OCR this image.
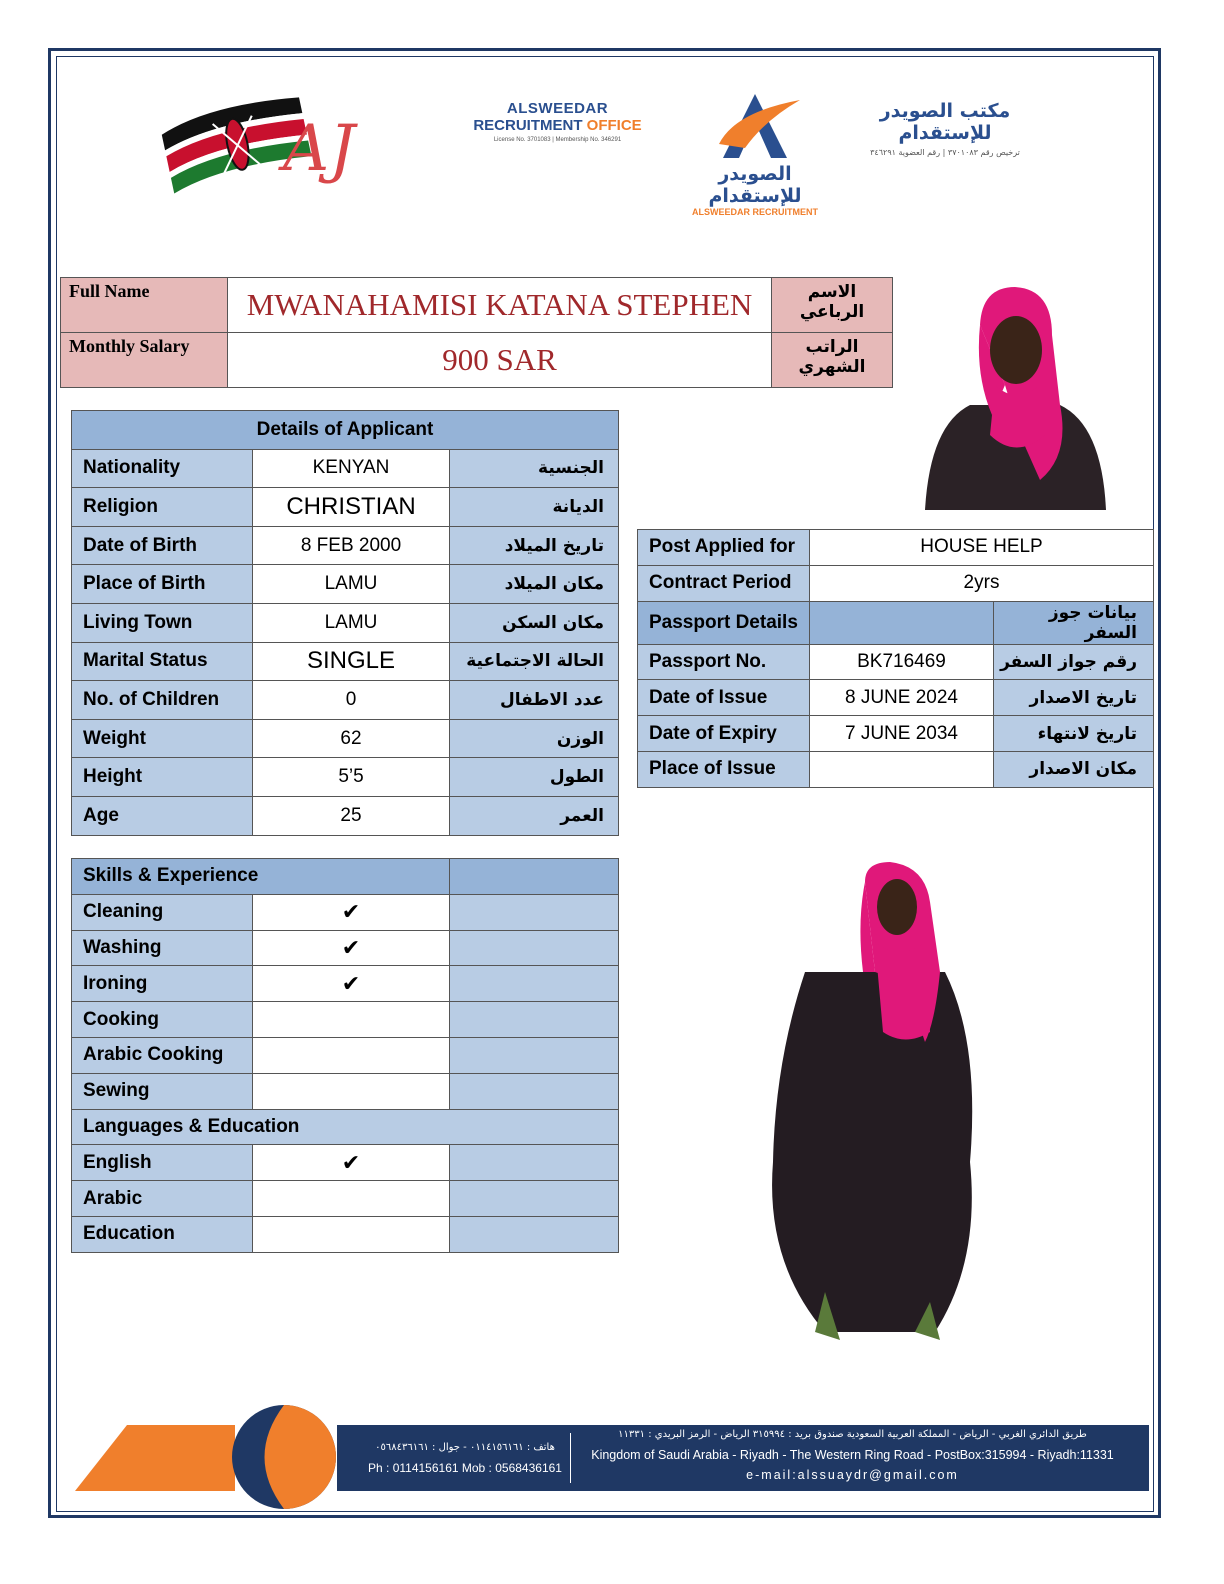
AJ
ALSWEEDAR
RECRUITMENT OFFICE
License No. 3701083 | Membership No. 346291
الصويدر للإستقدام
ALSWEEDAR RECRUITMENT
مكتب الصويدر للإستقدام
ترخيص رقم ٣٧٠١٠٨٣ | رقم العضوية ٣٤٦٢٩١
Full Name	MWANAHAMISI KATANA STEPHEN	الاسم الرباعي
Monthly Salary	900 SAR	الراتب الشهري
Details of Applicant		
Nationality	KENYAN	الجنسية
Religion	CHRISTIAN	الديانة
Date of Birth	8 FEB 2000	تاريخ الميلاد
Place of Birth	LAMU	مكان الميلاد
Living Town	LAMU	مكان السكن
Marital Status	SINGLE	الحالة الاجتماعية
No. of Children	0	عدد الاطفال
Weight	62	الوزن
Height	5’5	الطول
Age	25	العمر
Post Applied for	HOUSE HELP	
Contract Period	2yrs	
Passport Details		بيانات جوز السفر
Passport No.	BK716469	رقم جواز السفر
Date of Issue	8 JUNE 2024	تاريخ الاصدار
Date of Expiry	7 JUNE 2034	تاريخ لانتهاء
Place of Issue		مكان الاصدار
Skills & Experience		
Cleaning	✔	
Washing	✔	
Ironing	✔	
Cooking		
Arabic Cooking		
Sewing		
Languages & Education		
English	✔	
Arabic		
Education		
هاتف : ٠١١٤١٥٦١٦١ - جوال : ٠٥٦٨٤٣٦١٦١
Ph : 0114156161 Mob : 0568436161
طريق الدائري الغربي - الرياض - المملكة العربية السعودية صندوق بريد : ٣١٥٩٩٤ الرياض - الرمز البريدي : ١١٣٣١
Kingdom of Saudi Arabia - Riyadh - The Western Ring Road - PostBox:315994 - Riyadh:11331
e-mail:alssuaydr@gmail.com
